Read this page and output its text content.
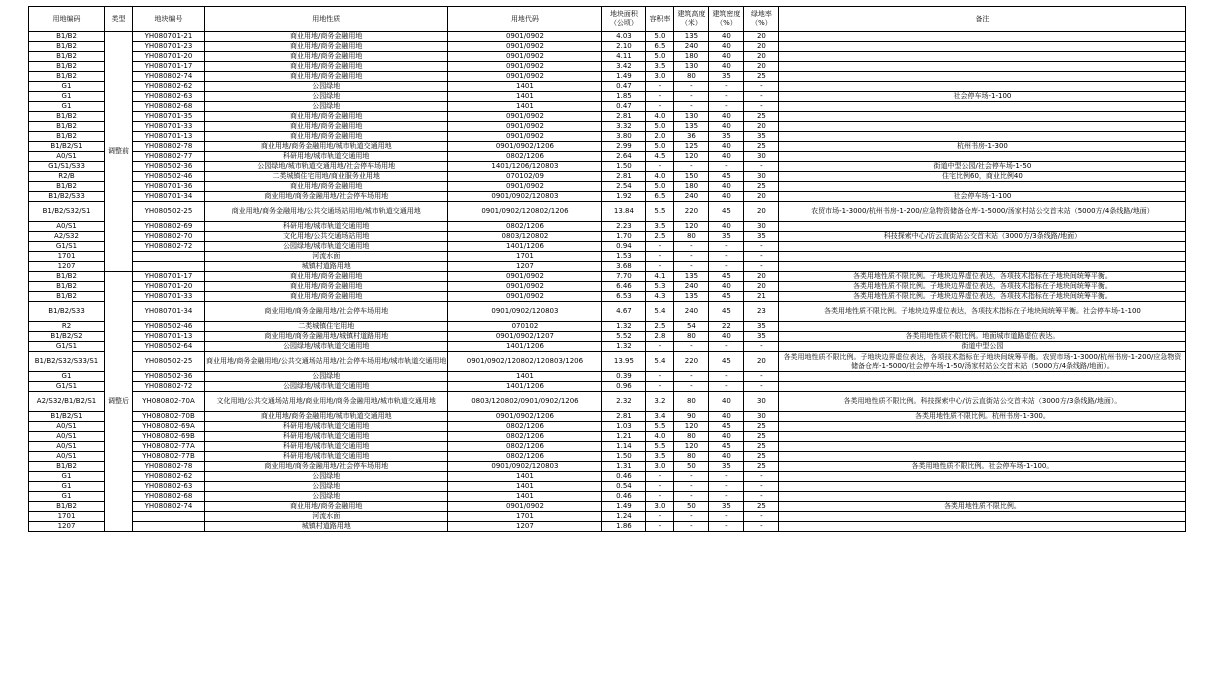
用地编码	类型	地块编号	用地性质	用地代码	地块面积（公顷）	容积率	建筑高度（米）	建筑密度（%）	绿地率（%）	备注
B1/B2	调整前	YH080701-21	商业用地/商务金融用地	0901/0902	4.03	5.0	135	40	20	
B1/B2		YH080701-23	商业用地/商务金融用地	0901/0902	2.10	6.5	240	40	20	
B1/B2		YH080701-20	商业用地/商务金融用地	0901/0902	4.11	5.0	180	40	20	
B1/B2		YH080701-17	商业用地/商务金融用地	0901/0902	3.42	3.5	130	40	20	
B1/B2		YH080802-74	商业用地/商务金融用地	0901/0902	1.49	3.0	80	35	25	
G1		YH080802-62	公园绿地	1401	0.47	-	-	-	-	
G1		YH080802-63	公园绿地	1401	1.85	-	-	-	-	社会停车场-1-100
G1		YH080802-68	公园绿地	1401	0.47	-	-	-	-	
B1/B2		YH080701-35	商业用地/商务金融用地	0901/0902	2.81	4.0	130	40	25	
B1/B2		YH080701-33	商业用地/商务金融用地	0901/0902	3.32	5.0	135	40	20	
B1/B2		YH080701-13	商业用地/商务金融用地	0901/0902	3.80	2.0	36	35	35	
B1/B2/S1		YH080802-78	商业用地/商务金融用地/城市轨道交通用地	0901/0902/1206	2.99	5.0	125	40	25	杭州书房-1-300
A0/S1		YH080802-77	科研用地/城市轨道交通用地	0802/1206	2.64	4.5	120	40	30	
G1/S1/S33		YH080502-36	公园绿地/城市轨道交通用地/社会停车场用地	1401/1206/120803	1.50	-	-	-	-	街道中型公园/社会停车场-1-50
R2/B		YH080502-46	二类城镇住宅用地/商业服务业用地	070102/09	2.81	4.0	150	45	30	住宅比例60，商业比例40
B1/B2		YH080701-36	商业用地/商务金融用地	0901/0902	2.54	5.0	180	40	25	
B1/B2/S33		YH080701-34	商业用地/商务金融用地/社会停车场用地	0901/0902/120803	1.92	6.5	240	40	20	社会停车场-1-100
B1/B2/S32/S1		YH080502-25	商业用地/商务金融用地/公共交通场站用地/城市轨道交通用地	0901/0902/120802/1206	13.84	5.5	220	45	20	农贸市场-1-3000/杭州书房-1-200/应急物资储备仓库-1-5000/汤家村站公交首末站（5000方/4条线路/地面）
A0/S1		YH080802-69	科研用地/城市轨道交通用地	0802/1206	2.23	3.5	120	40	30	
A2/S32		YH080802-70	文化用地/公共交通场站用地	0803/120802	1.70	2.5	80	35	35	科技探索中心/访云直街站公交首末站（3000方/3条线路/地面）
G1/S1		YH080802-72	公园绿地/城市轨道交通用地	1401/1206	0.94	-	-	-	-	
1701			河流水面	1701	1.53	-	-	-	-	
1207			城镇村道路用地	1207	3.68	-	-	-	-	
B1/B2	调整后	YH080701-17	商业用地/商务金融用地	0901/0902	7.70	4.1	135	45	20	各类用地性质不限比例。子地块边界虚位表达，各项技术指标在子地块间统筹平衡。
B1/B2		YH080701-20	商业用地/商务金融用地	0901/0902	6.46	5.3	240	40	20	各类用地性质不限比例。子地块边界虚位表达，各项技术指标在子地块间统筹平衡。
B1/B2		YH080701-33	商业用地/商务金融用地	0901/0902	6.53	4.3	135	45	21	各类用地性质不限比例。子地块边界虚位表达，各项技术指标在子地块间统筹平衡。
B1/B2/S33		YH080701-34	商业用地/商务金融用地/社会停车场用地	0901/0902/120803	4.67	5.4	240	45	23	各类用地性质不限比例。子地块边界虚位表达，各项技术指标在子地块间统筹平衡。社会停车场-1-100
R2		YH080502-46	二类城镇住宅用地	070102	1.32	2.5	54	22	35	
B1/B2/S2		YH080701-13	商业用地/商务金融用地/城镇村道路用地	0901/0902/1207	5.52	2.8	80	40	35	各类用地性质不限比例。地面城市道路虚位表达。
G1/S1		YH080502-64	公园绿地/城市轨道交通用地	1401/1206	1.32	-	-	-	-	街道中型公园
B1/B2/S32/S33/S1		YH080502-25	商业用地/商务金融用地/公共交通场站用地/社会停车场用地/城市轨道交通用地	0901/0902/120802/120803/1206	13.95	5.4	220	45	20	各类用地性质不限比例。子地块边界虚位表达，各项技术指标在子地块间统筹平衡。农贸市场-1-3000/杭州书房-1-200/应急物资储备仓库-1-5000/社会停车场-1-50/汤家村站公交首末站（5000方/4条线路/地面）。
G1		YH080502-36	公园绿地	1401	0.39	-	-	-	-	
G1/S1		YH080802-72	公园绿地/城市轨道交通用地	1401/1206	0.96	-	-	-	-	
A2/S32/B1/B2/S1		YH080802-70A	文化用地/公共交通场站用地/商业用地/商务金融用地/城市轨道交通用地	0803/120802/0901/0902/1206	2.32	3.2	80	40	30	各类用地性质不限比例。科技探索中心/访云直街站公交首末站（3000方/3条线路/地面）。
B1/B2/S1		YH080802-70B	商业用地/商务金融用地/城市轨道交通用地	0901/0902/1206	2.81	3.4	90	40	30	各类用地性质不限比例。杭州书房-1-300。
A0/S1		YH080802-69A	科研用地/城市轨道交通用地	0802/1206	1.03	5.5	120	45	25	
A0/S1		YH080802-69B	科研用地/城市轨道交通用地	0802/1206	1.21	4.0	80	40	25	
A0/S1		YH080802-77A	科研用地/城市轨道交通用地	0802/1206	1.14	5.5	120	45	25	
A0/S1		YH080802-77B	科研用地/城市轨道交通用地	0802/1206	1.50	3.5	80	40	25	
B1/B2		YH080802-78	商业用地/商务金融用地/社会停车场用地	0901/0902/120803	1.31	3.0	50	35	25	各类用地性质不限比例。社会停车场-1-100。
G1		YH080802-62	公园绿地	1401	0.46	-	-	-	-	
G1		YH080802-63	公园绿地	1401	0.54	-	-	-	-	
G1		YH080802-68	公园绿地	1401	0.46	-	-	-	-	
B1/B2		YH080802-74	商业用地/商务金融用地	0901/0902	1.49	3.0	50	35	25	各类用地性质不限比例。
1701			河流水面	1701	1.24	-	-	-	-	
1207			城镇村道路用地	1207	1.86	-	-	-	-	
